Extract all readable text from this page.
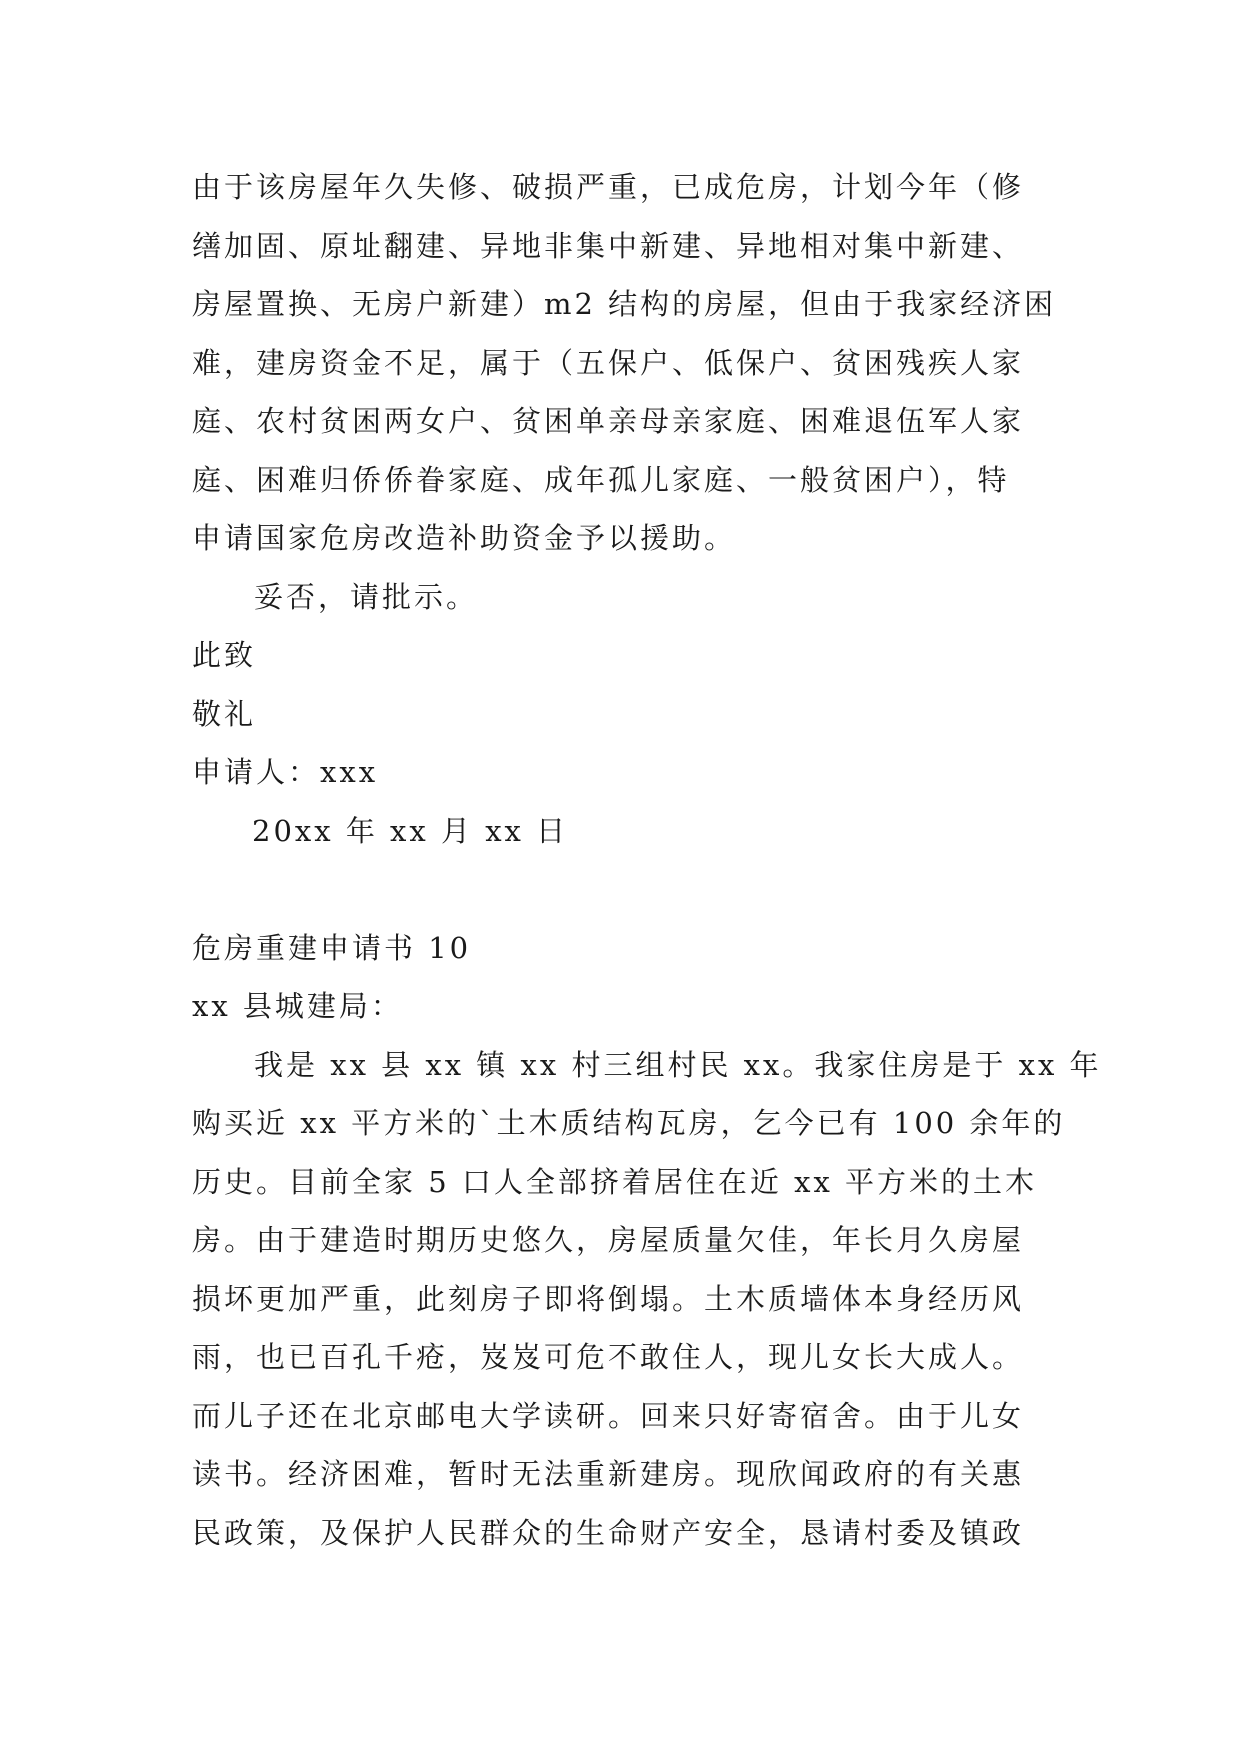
由于该房屋年久失修、破损严重，已成危房，计划今年（修
缮加固、原址翻建、异地非集中新建、异地相对集中新建、
房屋置换、无房户新建）m2 结构的房屋，但由于我家经济困
难，建房资金不足，属于（五保户、低保户、贫困残疾人家
庭、农村贫困两女户、贫困单亲母亲家庭、困难退伍军人家
庭、困难归侨侨眷家庭、成年孤儿家庭、一般贫困户），特
申请国家危房改造补助资金予以援助。
妥否，请批示。
此致
敬礼
申请人：xxx
20xx 年 xx 月 xx 日
危房重建申请书 10
xx 县城建局：
我是 xx 县 xx 镇 xx 村三组村民 xx。我家住房是于 xx 年
购买近 xx 平方米的`土木质结构瓦房，乞今已有 100 余年的
历史。目前全家 5 口人全部挤着居住在近 xx 平方米的土木
房。由于建造时期历史悠久，房屋质量欠佳，年长月久房屋
损坏更加严重，此刻房子即将倒塌。土木质墙体本身经历风
雨，也已百孔千疮，岌岌可危不敢住人，现儿女长大成人。
而儿子还在北京邮电大学读研。回来只好寄宿舍。由于儿女
读书。经济困难，暂时无法重新建房。现欣闻政府的有关惠
民政策，及保护人民群众的生命财产安全，恳请村委及镇政
